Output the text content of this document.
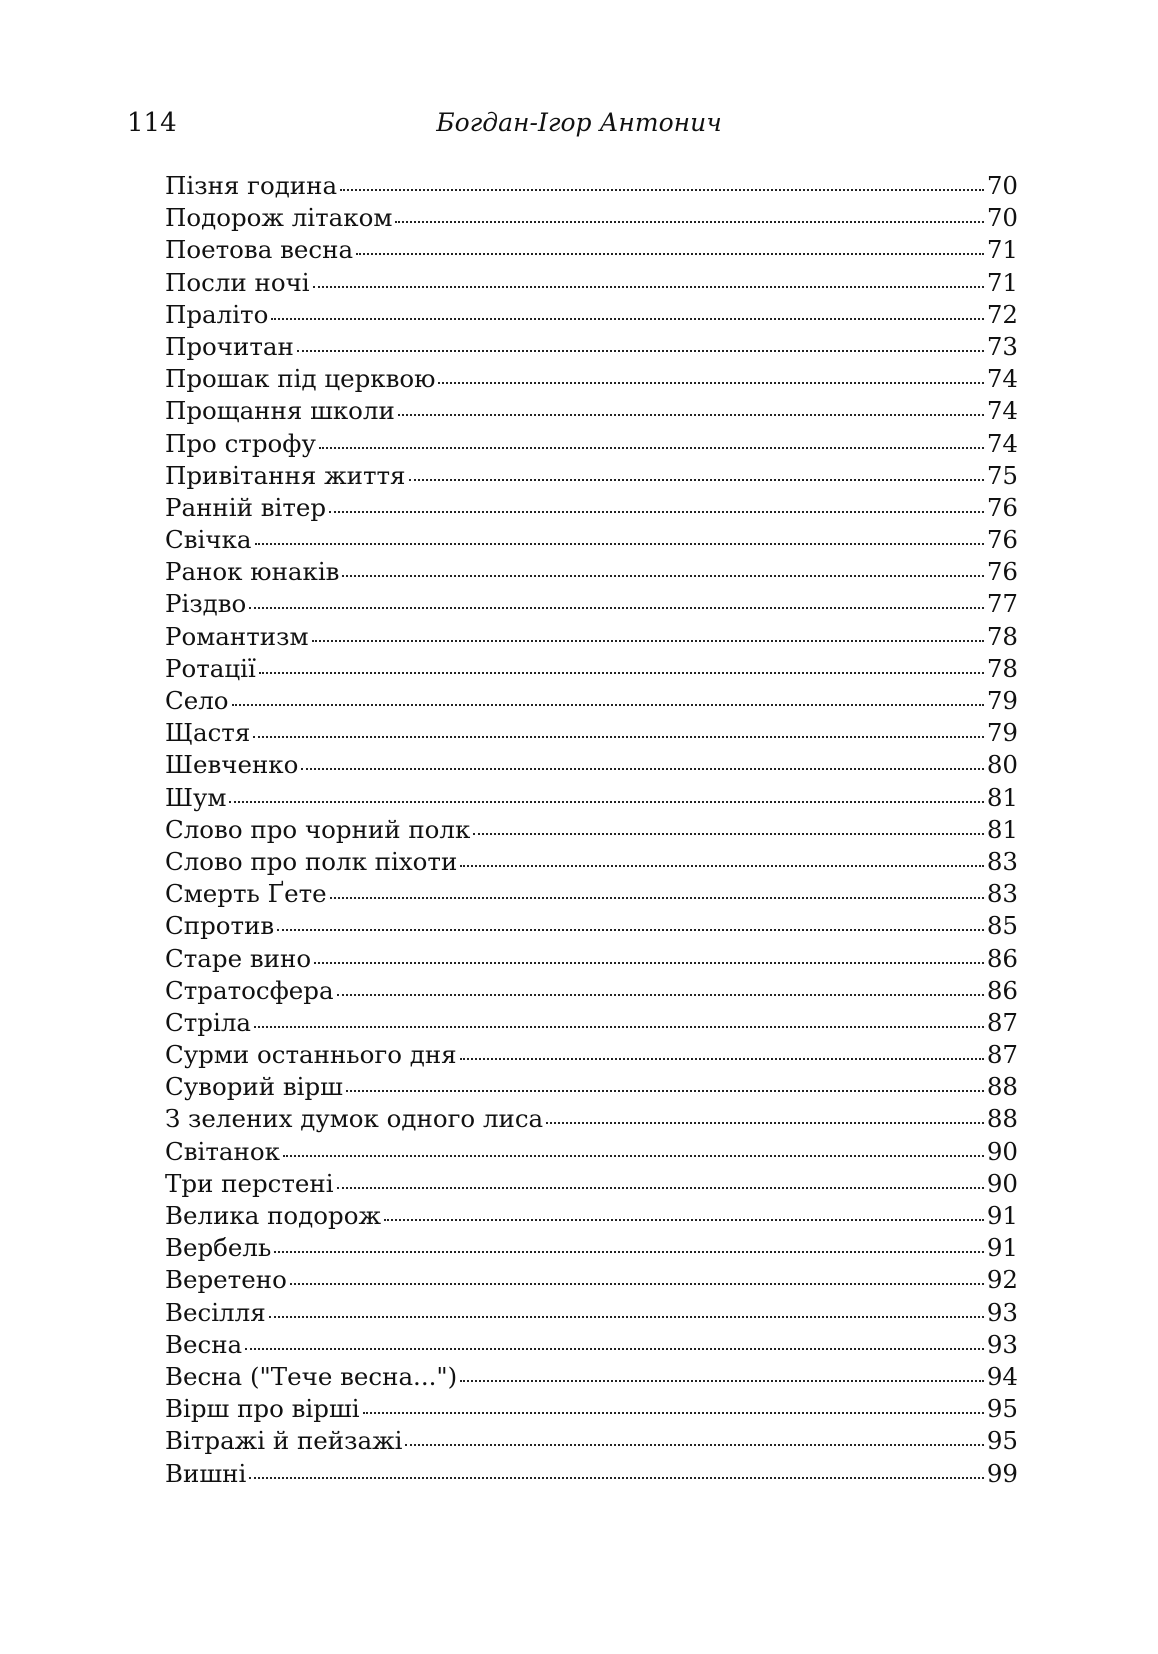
114	Богдан-Ігор Антонич
Пізня година	70
Подорож літаком	70
Поетова весна	71
Посли ночі	71
Праліто	72
Прочитан	73
Прошак під церквою	74
Прощання школи	74
Про строфу	74
Привітання життя	75
Ранній вітер	76
Свічка	76
Ранок юнаків	76
Різдво	77
Романтизм	78
Ротації	78
Село	79
Щастя	79
Шевченко	80
Шум	81
Слово про чорний полк	81
Слово про полк піхоти	83
Смерть Ґете	83
Спротив	85
Старе вино	86
Стратосфера	86
Стріла	87
Сурми останнього дня	87
Суворий вірш	88
З зелених думок одного лиса	88
Світанок	90
Три перстені	90
Велика подорож	91
Вербель	91
Веретено	92
Весілля	93
Весна	93
Весна ("Тече весна...")	94
Вірш про вірші	95
Вітражі й пейзажі	95
Вишні	99
